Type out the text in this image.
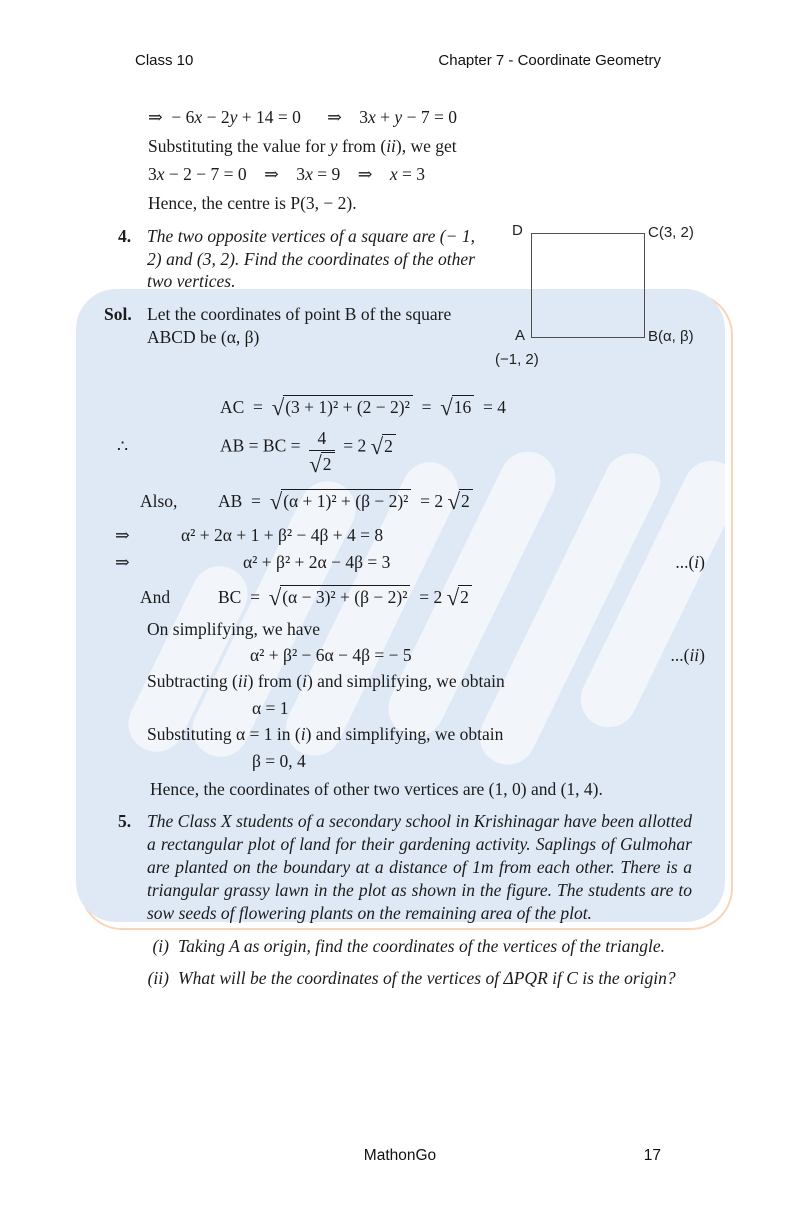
Class 10	Chapter 7 - Coordinate Geometry

⇒  − 6x − 2y + 14 = 0      ⇒    3x + y − 7 = 0

Substituting the value for y from (ii), we get

3x − 2 − 7 = 0    ⇒    3x = 9    ⇒    x = 3

Hence, the centre is P(3, − 2).

4. The two opposite vertices of a square are (− 1, 2) and (3, 2). Find the coordinates of the other two vertices.

Sol. Let the coordinates of point B of the square ABCD be (α, β)

D	C(3, 2)
A	B(α, β)
(−1, 2)
AC  =  √ (3 + 1)² + (2 − 2)²  =  √ 16  = 4
∴	AB = BC = $\frac{4}{√ 2} = 2$ √ 2
Also, AB  =  √ (α + 1)² + (β − 2)²  = 2 √ 2
⇒	α² + 2α + 1 + β² − 4β + 4 = 8
⇒	α² + β² + 2α − 4β = 3	...(i)
And	BC  =  √ (α − 3)² + (β − 2)²  = 2 √ 2
On simplifying, we have
α² + β² − 6α − 4β = − 5	...(ii)
Subtracting (ii) from (i) and simplifying, we obtain
α = 1
Substituting α = 1 in (i) and simplifying, we obtain
β = 0, 4
Hence, the coordinates of other two vertices are (1, 0) and (1, 4).

5. The Class X students of a secondary school in Krishinagar have been allotted a rectangular plot of land for their gardening activity. Saplings of Gulmohar are planted on the boundary at a distance of 1m from each other. There is a triangular grassy lawn in the plot as shown in the figure. The students are to sow seeds of flowering plants on the remaining area of the plot.

(i) Taking A as origin, find the coordinates of the vertices of the triangle.
(ii) What will be the coordinates of the vertices of ΔPQR if C is the origin?
MathonGo	17
